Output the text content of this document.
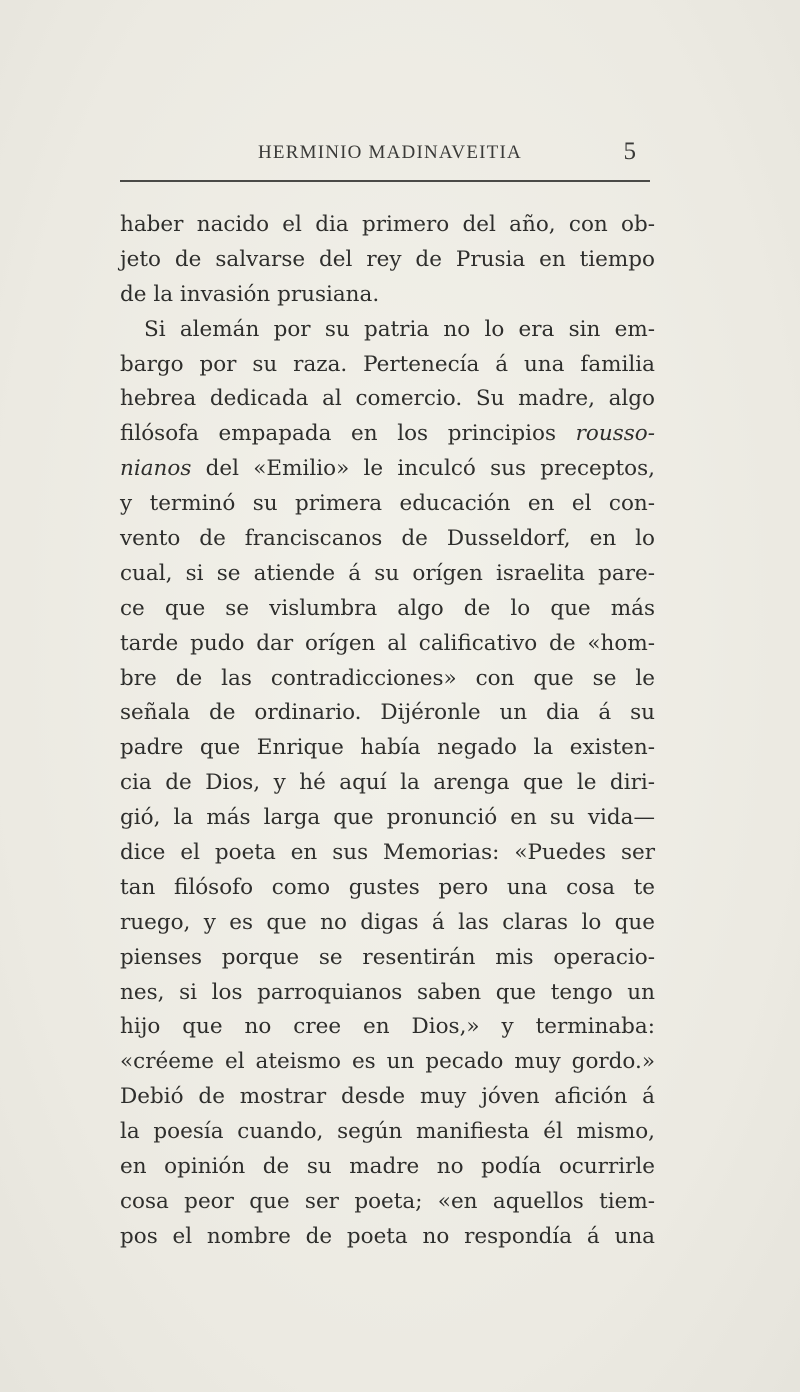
HERMINIO MADINAVEITIA	5
haber nacido el dia primero del año, con ob-
jeto de salvarse del rey de Prusia en tiempo
de la invasión prusiana.
Si alemán por su patria no lo era sin em-
bargo por su raza. Pertenecía á una familia
hebrea dedicada al comercio. Su madre, algo
filósofa empapada en los principios rousso-
nianos del «Emilio» le inculcó sus preceptos,
y terminó su primera educación en el con-
vento de franciscanos de Dusseldorf, en lo
cual, si se atiende á su orígen israelita pare-
ce que se vislumbra algo de lo que más
tarde pudo dar orígen al calificativo de «hom-
bre de las contradicciones» con que se le
señala de ordinario. Dijéronle un dia á su
padre que Enrique había negado la existen-
cia de Dios, y hé aquí la arenga que le diri-
gió, la más larga que pronunció en su vida—
dice el poeta en sus Memorias: «Puedes ser
tan filósofo como gustes pero una cosa te
ruego, y es que no digas á las claras lo que
pienses porque se resentirán mis operacio-
nes, si los parroquianos saben que tengo un
hijo que no cree en Dios,» y terminaba:
«créeme el ateismo es un pecado muy gordo.»
Debió de mostrar desde muy jóven afición á
la poesía cuando, según manifiesta él mismo,
en opinión de su madre no podía ocurrirle
cosa peor que ser poeta; «en aquellos tiem-
pos el nombre de poeta no respondía á una
